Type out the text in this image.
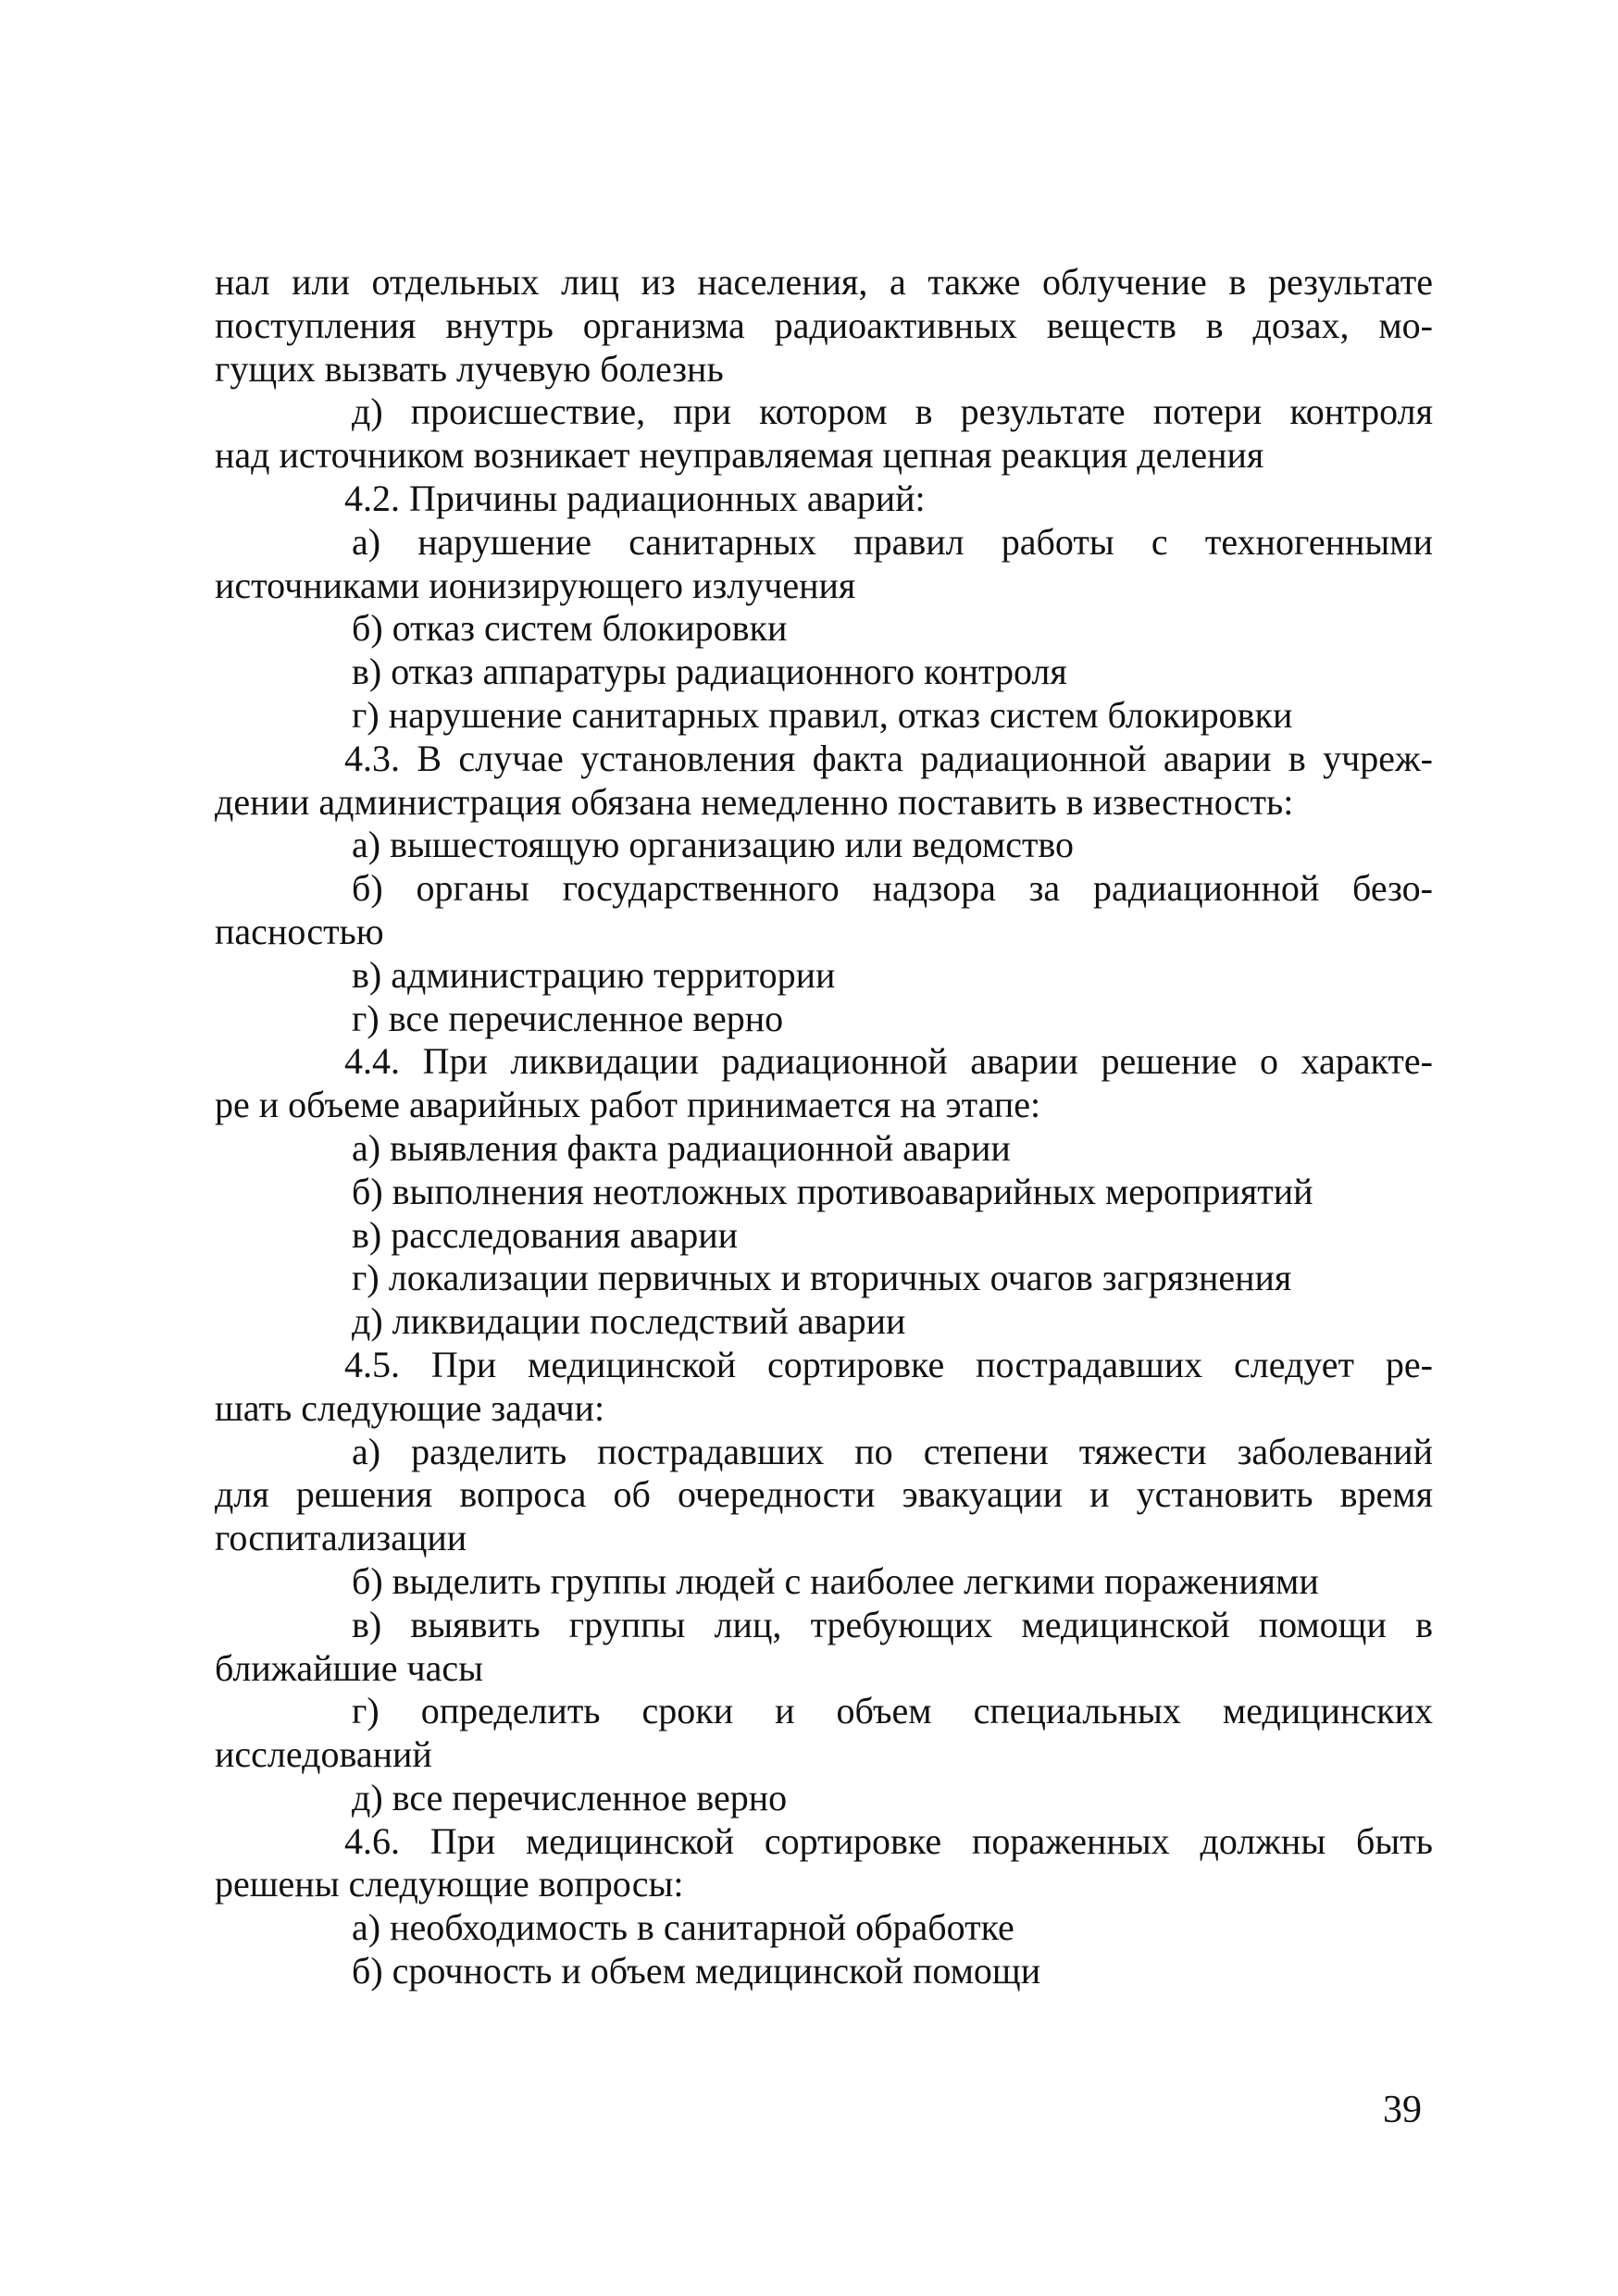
нал или отдельных лиц из населения, а также облучение в результате
поступления внутрь организма радиоактивных веществ в дозах, мо-
гущих вызвать лучевую болезнь
д) происшествие, при котором в результате потери контроля
над источником возникает неуправляемая цепная реакция деления
4.2. Причины радиационных аварий:
а) нарушение санитарных правил работы с техногенными
источниками ионизирующего излучения
б) отказ систем блокировки
в) отказ аппаратуры радиационного контроля
г) нарушение санитарных правил, отказ систем блокировки
4.3. В случае установления факта радиационной аварии в учреж-
дении администрация обязана немедленно поставить в известность:
а) вышестоящую организацию или ведомство
б) органы государственного надзора за радиационной безо-
пасностью
в) администрацию территории
г) все перечисленное верно
4.4. При ликвидации радиационной аварии решение о характе-
ре и объеме аварийных работ принимается на этапе:
а) выявления факта радиационной аварии
б) выполнения неотложных противоаварийных мероприятий
в) расследования аварии
г) локализации первичных и вторичных очагов загрязнения
д) ликвидации последствий аварии
4.5. При медицинской сортировке пострадавших следует ре-
шать следующие задачи:
а) разделить пострадавших по степени тяжести заболеваний
для решения вопроса об очередности эвакуации и установить время
госпитализации
б) выделить группы людей с наиболее легкими поражениями
в) выявить группы лиц, требующих медицинской помощи в
ближайшие часы
г) определить сроки и объем специальных медицинских
исследований
д) все перечисленное верно
4.6. При медицинской сортировке пораженных должны быть
решены следующие вопросы:
а) необходимость в санитарной обработке
б) срочность и объем медицинской помощи
39
